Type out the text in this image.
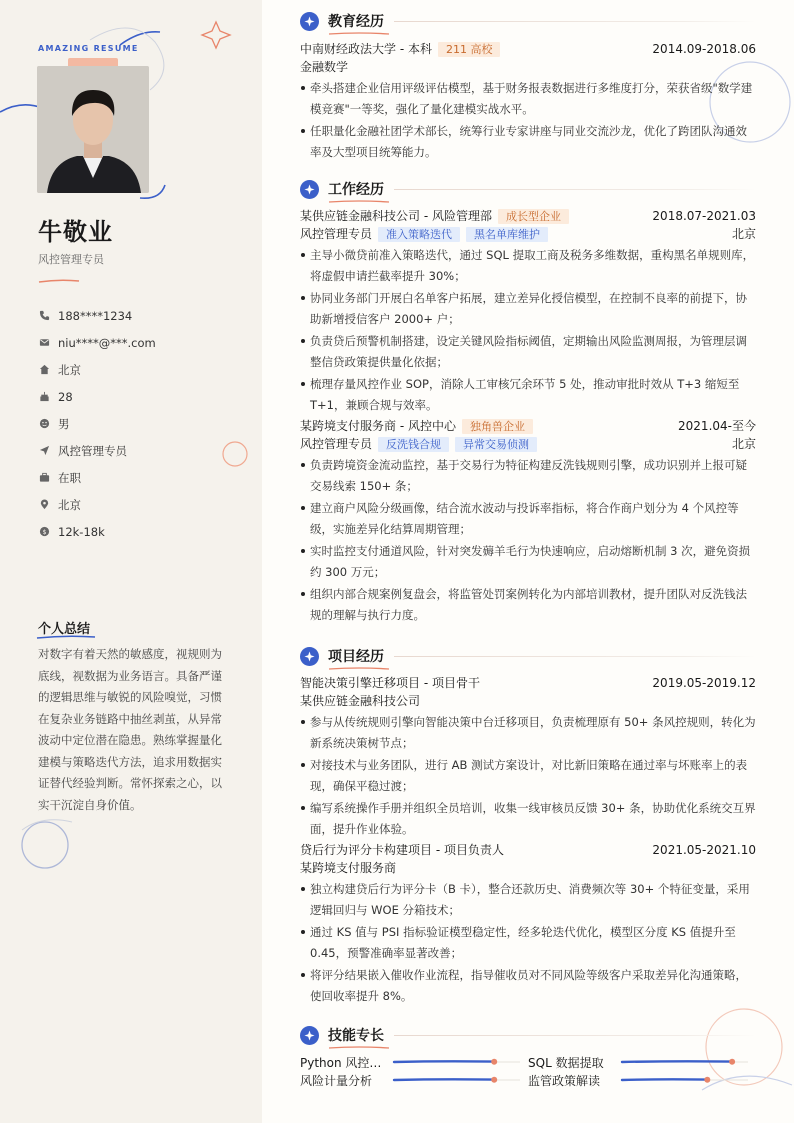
AMAZING RESUME
牛敬业
风控管理专员
188****1234
niu****@***.com
北京
28
男
风控管理专员
在职
北京
$ 12k-18k
个人总结
对数字有着天然的敏感度，视规则为底线，视数据为业务语言。具备严谨的逻辑思维与敏锐的风险嗅觉，习惯在复杂业务链路中抽丝剥茧，从异常波动中定位潜在隐患。熟练掌握量化建模与策略迭代方法，追求用数据实证替代经验判断。常怀探索之心，以实干沉淀自身价值。
教育经历
中南财经政法大学 - 本科	211 高校	2014.09-2018.06
金融数学
牵头搭建企业信用评级评估模型，基于财务报表数据进行多维度打分，荣获省级"数学建模竞赛"一等奖，强化了量化建模实战水平。
任职量化金融社团学术部长，统筹行业专家讲座与同业交流沙龙，优化了跨团队沟通效率及大型项目统筹能力。
工作经历
某供应链金融科技公司 - 风险管理部	成长型企业	2018.07-2021.03
风控管理专员	准入策略迭代	黑名单库维护	北京
主导小微贷前准入策略迭代，通过 SQL 提取工商及税务多维数据，重构黑名单规则库，将虚假申请拦截率提升 30%；
协同业务部门开展白名单客户拓展，建立差异化授信模型，在控制不良率的前提下，协助新增授信客户 2000+ 户；
负责贷后预警机制搭建，设定关键风险指标阈值，定期输出风险监测周报，为管理层调整信贷政策提供量化依据；
梳理存量风控作业 SOP，消除人工审核冗余环节 5 处，推动审批时效从 T+3 缩短至 T+1，兼顾合规与效率。
某跨境支付服务商 - 风控中心	独角兽企业	2021.04-至今
风控管理专员	反洗钱合规	异常交易侦测	北京
负责跨境资金流动监控，基于交易行为特征构建反洗钱规则引擎，成功识别并上报可疑交易线索 150+ 条；
建立商户风险分级画像，结合流水波动与投诉率指标，将合作商户划分为 4 个风控等级，实施差异化结算周期管理；
实时监控支付通道风险，针对突发薅羊毛行为快速响应，启动熔断机制 3 次，避免资损约 300 万元；
组织内部合规案例复盘会，将监管处罚案例转化为内部培训教材，提升团队对反洗钱法规的理解与执行力度。
项目经历
智能决策引擎迁移项目 - 项目骨干	2019.05-2019.12
某供应链金融科技公司
参与从传统规则引擎向智能决策中台迁移项目，负责梳理原有 50+ 条风控规则，转化为新系统决策树节点；
对接技术与业务团队，进行 AB 测试方案设计，对比新旧策略在通过率与坏账率上的表现，确保平稳过渡；
编写系统操作手册并组织全员培训，收集一线审核员反馈 30+ 条，协助优化系统交互界面，提升作业体验。
贷后行为评分卡构建项目 - 项目负责人	2021.05-2021.10
某跨境支付服务商
独立构建贷后行为评分卡（B 卡），整合还款历史、消费频次等 30+ 个特征变量，采用逻辑回归与 WOE 分箱技术；
通过 KS 值与 PSI 指标验证模型稳定性，经多轮迭代优化，模型区分度 KS 值提升至 0.45，预警准确率显著改善；
将评分结果嵌入催收作业流程，指导催收员对不同风险等级客户采取差异化沟通策略，使回收率提升 8%。
技能专长
Python 风控…	SQL 数据提取
风险计量分析	监管政策解读
